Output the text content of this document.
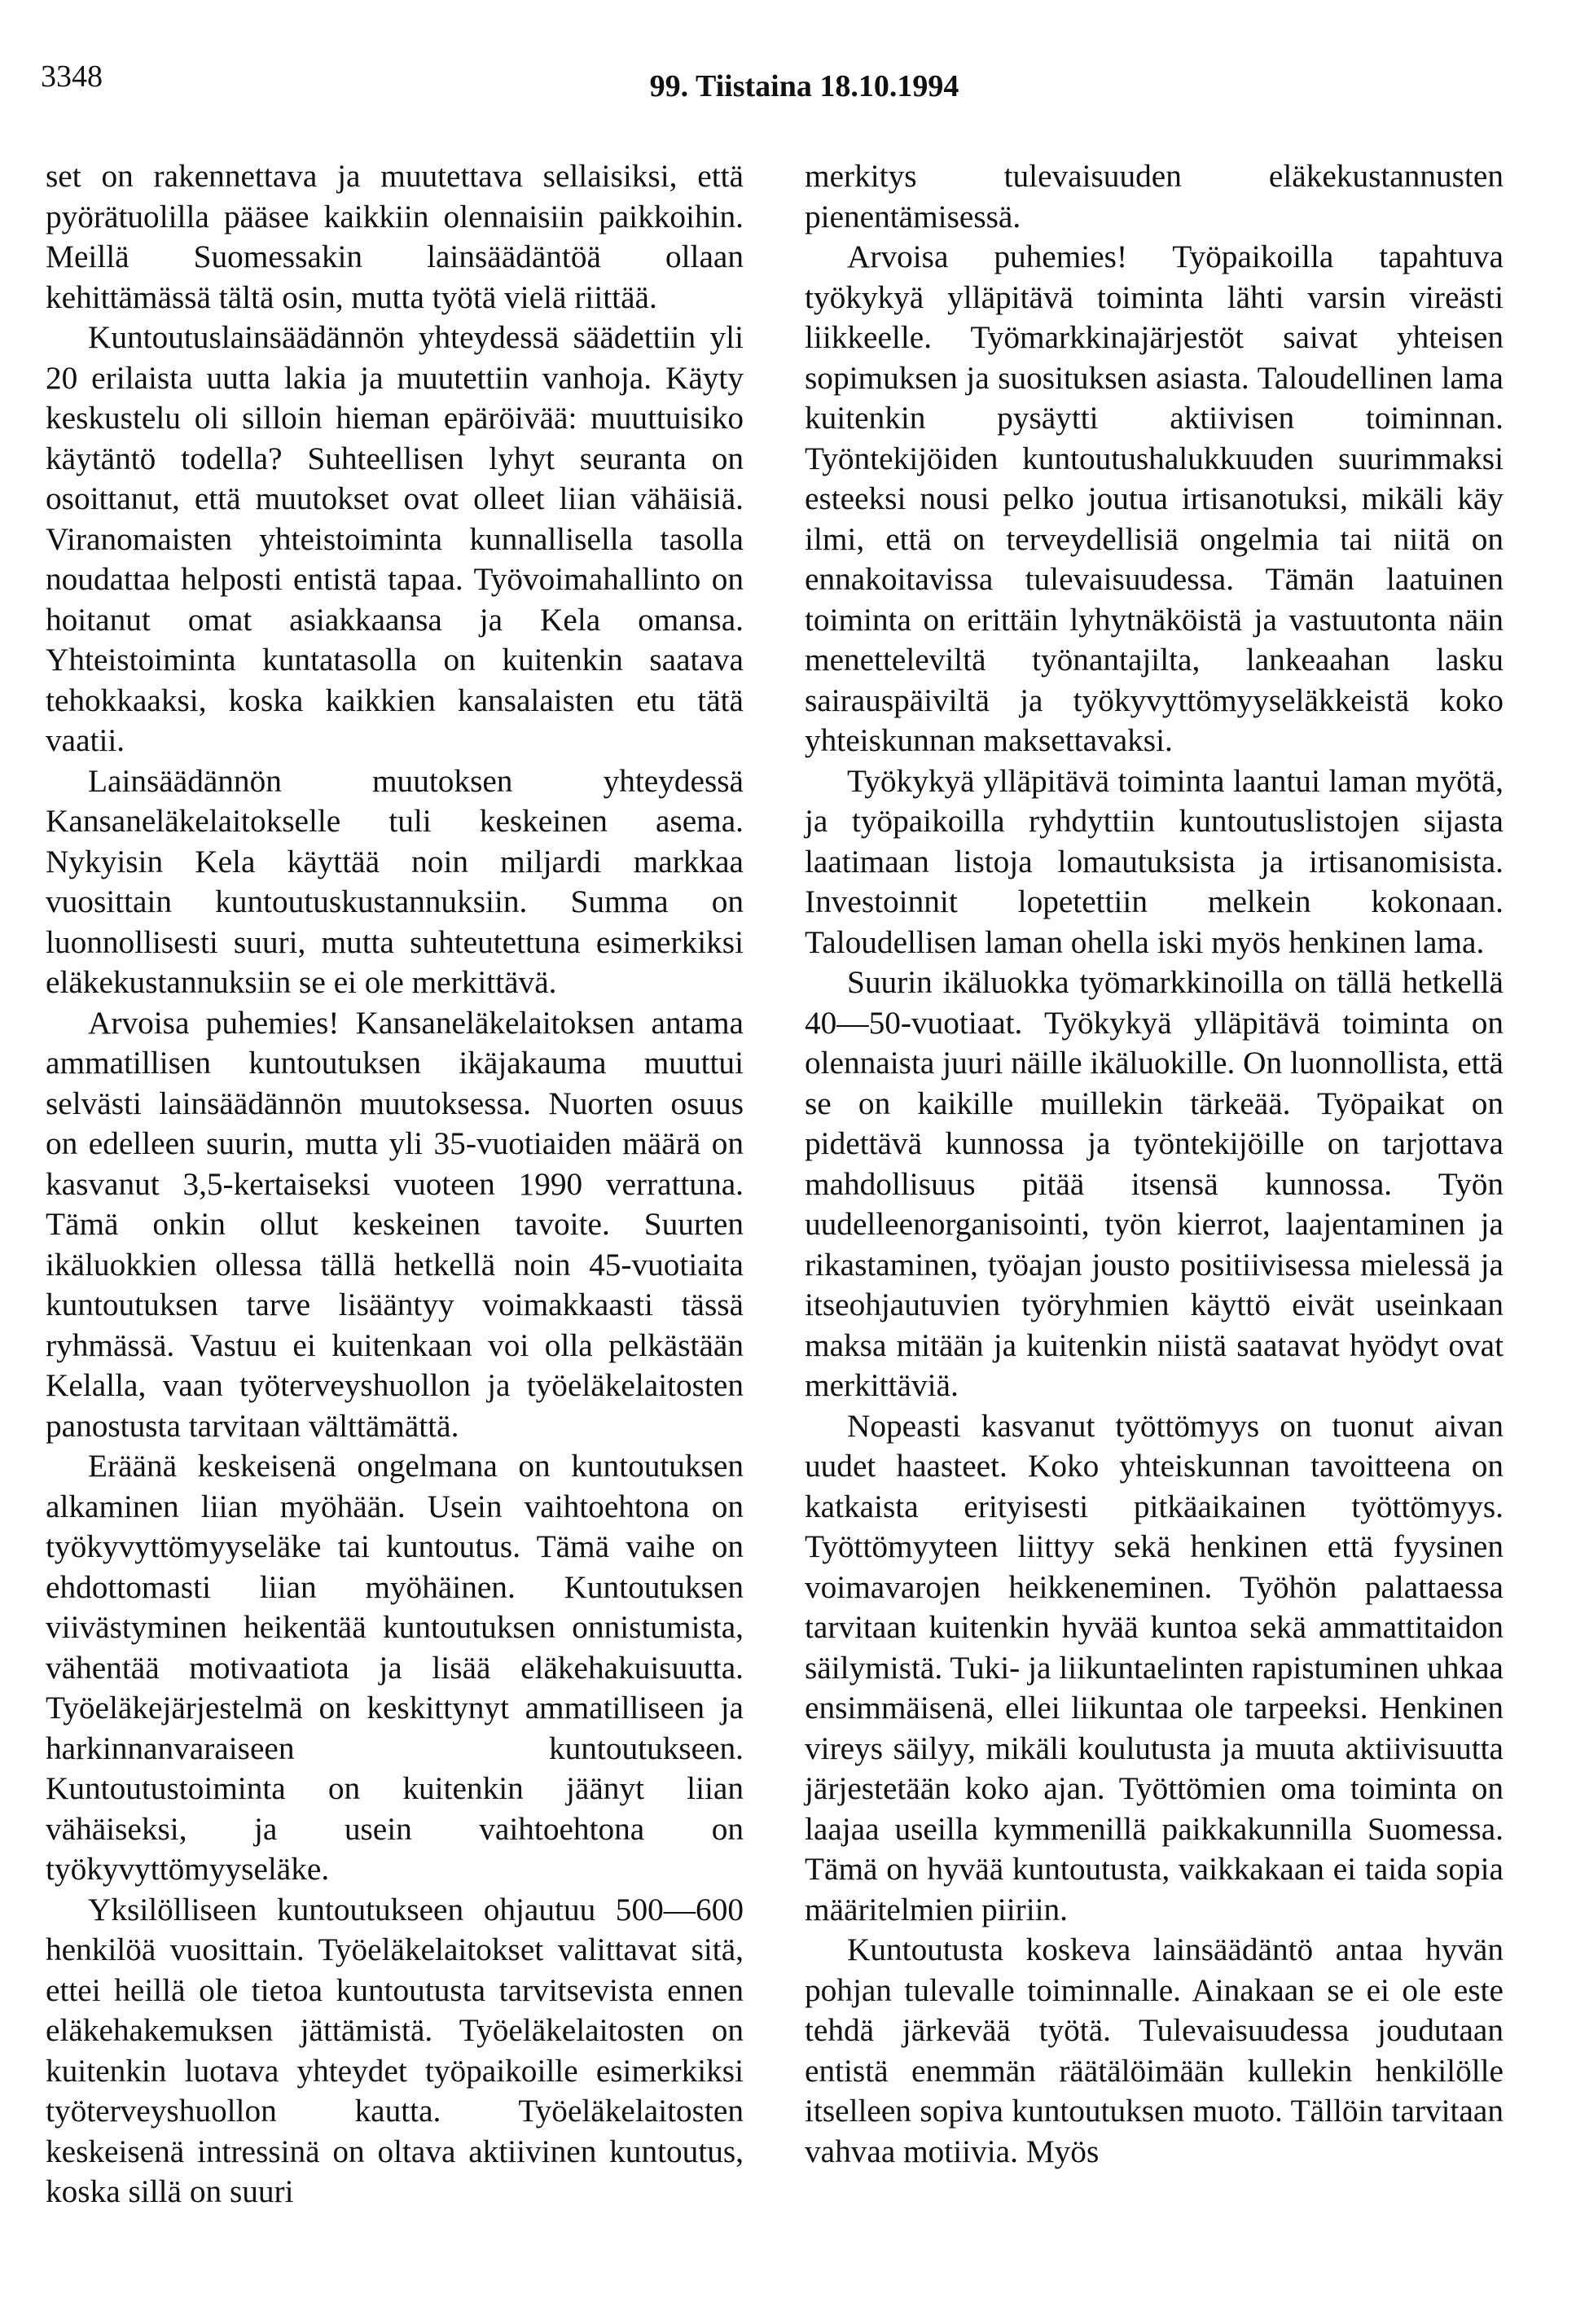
3348	99. Tiistaina 18.10.1994

set on rakennettava ja muutettava sellaisiksi, että pyörätuolilla pääsee kaikkiin olennaisiin paikkoihin. Meillä Suomessakin lainsäädäntöä ollaan kehittämässä tältä osin, mutta työtä vielä riittää.

Kuntoutuslainsäädännön yhteydessä säädettiin yli 20 erilaista uutta lakia ja muutettiin vanhoja. Käyty keskustelu oli silloin hieman epäröivää: muuttuisiko käytäntö todella? Suhteellisen lyhyt seuranta on osoittanut, että muutokset ovat olleet liian vähäisiä. Viranomaisten yhteistoiminta kunnallisella tasolla noudattaa helposti entistä tapaa. Työvoimahallinto on hoitanut omat asiakkaansa ja Kela omansa. Yhteistoiminta kuntatasolla on kuitenkin saatava tehokkaaksi, koska kaikkien kansalaisten etu tätä vaatii.

Lainsäädännön muutoksen yhteydessä Kansaneläkelaitokselle tuli keskeinen asema. Nykyisin Kela käyttää noin miljardi markkaa vuosittain kuntoutuskustannuksiin. Summa on luonnollisesti suuri, mutta suhteutettuna esimerkiksi eläkekustannuksiin se ei ole merkittävä.

Arvoisa puhemies! Kansaneläkelaitoksen antama ammatillisen kuntoutuksen ikäjakauma muuttui selvästi lainsäädännön muutoksessa. Nuorten osuus on edelleen suurin, mutta yli 35-vuotiaiden määrä on kasvanut 3,5-kertaiseksi vuoteen 1990 verrattuna. Tämä onkin ollut keskeinen tavoite. Suurten ikäluokkien ollessa tällä hetkellä noin 45-vuotiaita kuntoutuksen tarve lisääntyy voimakkaasti tässä ryhmässä. Vastuu ei kuitenkaan voi olla pelkästään Kelalla, vaan työterveyshuollon ja työeläkelaitosten panostusta tarvitaan välttämättä.

Eräänä keskeisenä ongelmana on kuntoutuksen alkaminen liian myöhään. Usein vaihtoehtona on työkyvyttömyyseläke tai kuntoutus. Tämä vaihe on ehdottomasti liian myöhäinen. Kuntoutuksen viivästyminen heikentää kuntoutuksen onnistumista, vähentää motivaatiota ja lisää eläkehakuisuutta. Työeläkejärjestelmä on keskittynyt ammatilliseen ja harkinnanvaraiseen kuntoutukseen. Kuntoutustoiminta on kuitenkin jäänyt liian vähäiseksi, ja usein vaihtoehtona on työkyvyttömyyseläke.

Yksilölliseen kuntoutukseen ohjautuu 500—600 henkilöä vuosittain. Työeläkelaitokset valittavat sitä, ettei heillä ole tietoa kuntoutusta tarvitsevista ennen eläkehakemuksen jättämistä. Työeläkelaitosten on kuitenkin luotava yhteydet työpaikoille esimerkiksi työterveyshuollon kautta. Työeläkelaitosten keskeisenä intressinä on oltava aktiivinen kuntoutus, koska sillä on suuri

merkitys tulevaisuuden eläkekustannusten pienentämisessä.

Arvoisa puhemies! Työpaikoilla tapahtuva työkykyä ylläpitävä toiminta lähti varsin vireästi liikkeelle. Työmarkkinajärjestöt saivat yhteisen sopimuksen ja suosituksen asiasta. Taloudellinen lama kuitenkin pysäytti aktiivisen toiminnan. Työntekijöiden kuntoutushalukkuuden suurimmaksi esteeksi nousi pelko joutua irtisanotuksi, mikäli käy ilmi, että on terveydellisiä ongelmia tai niitä on ennakoitavissa tulevaisuudessa. Tämän laatuinen toiminta on erittäin lyhytnäköistä ja vastuutonta näin menetteleviltä työnantajilta, lankeaahan lasku sairauspäiviltä ja työkyvyttömyyseläkkeistä koko yhteiskunnan maksettavaksi.

Työkykyä ylläpitävä toiminta laantui laman myötä, ja työpaikoilla ryhdyttiin kuntoutuslistojen sijasta laatimaan listoja lomautuksista ja irtisanomisista. Investoinnit lopetettiin melkein kokonaan. Taloudellisen laman ohella iski myös henkinen lama.

Suurin ikäluokka työmarkkinoilla on tällä hetkellä 40—50-vuotiaat. Työkykyä ylläpitävä toiminta on olennaista juuri näille ikäluokille. On luonnollista, että se on kaikille muillekin tärkeää. Työpaikat on pidettävä kunnossa ja työntekijöille on tarjottava mahdollisuus pitää itsensä kunnossa. Työn uudelleenorganisointi, työn kierrot, laajentaminen ja rikastaminen, työajan jousto positiivisessa mielessä ja itseohjautuvien työryhmien käyttö eivät useinkaan maksa mitään ja kuitenkin niistä saatavat hyödyt ovat merkittäviä.

Nopeasti kasvanut työttömyys on tuonut aivan uudet haasteet. Koko yhteiskunnan tavoitteena on katkaista erityisesti pitkäaikainen työttömyys. Työttömyyteen liittyy sekä henkinen että fyysinen voimavarojen heikkeneminen. Työhön palattaessa tarvitaan kuitenkin hyvää kuntoa sekä ammattitaidon säilymistä. Tuki- ja liikuntaelinten rapistuminen uhkaa ensimmäisenä, ellei liikuntaa ole tarpeeksi. Henkinen vireys säilyy, mikäli koulutusta ja muuta aktiivisuutta järjestetään koko ajan. Työttömien oma toiminta on laajaa useilla kymmenillä paikkakunnilla Suomessa. Tämä on hyvää kuntoutusta, vaikkakaan ei taida sopia määritelmien piiriin.

Kuntoutusta koskeva lainsäädäntö antaa hyvän pohjan tulevalle toiminnalle. Ainakaan se ei ole este tehdä järkevää työtä. Tulevaisuudessa joudutaan entistä enemmän räätälöimään kullekin henkilölle itselleen sopiva kuntoutuksen muoto. Tällöin tarvitaan vahvaa motiivia. Myös
